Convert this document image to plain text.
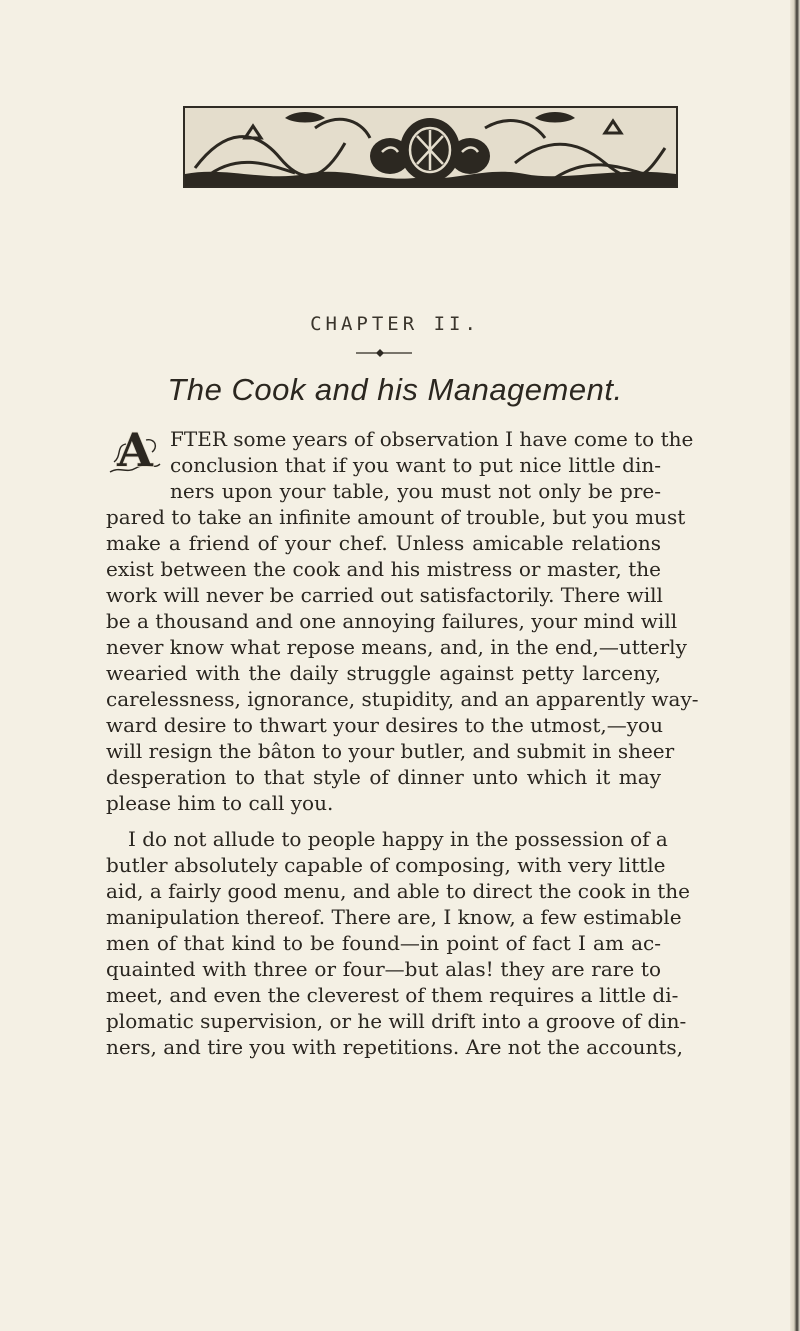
CHAPTER II.
The Cook and his Management.
A FTER some years of observation I have come to the
conclusion that if you want to put nice little din-
ners upon your table, you must not only be pre-
pared to take an infinite amount of trouble, but you must
make a friend of your chef. Unless amicable relations
exist between the cook and his mistress or master, the
work will never be carried out satisfactorily. There will
be a thousand and one annoying failures, your mind will
never know what repose means, and, in the end,—utterly
wearied with the daily struggle against petty larceny,
carelessness, ignorance, stupidity, and an apparently way-
ward desire to thwart your desires to the utmost,—you
will resign the bâton to your butler, and submit in sheer
desperation to that style of dinner unto which it may
please him to call you.
I do not allude to people happy in the possession of a
butler absolutely capable of composing, with very little
aid, a fairly good menu, and able to direct the cook in the
manipulation thereof. There are, I know, a few estimable
men of that kind to be found—in point of fact I am ac-
quainted with three or four—but alas! they are rare to
meet, and even the cleverest of them requires a little di-
plomatic supervision, or he will drift into a groove of din-
ners, and tire you with repetitions. Are not the accounts,
